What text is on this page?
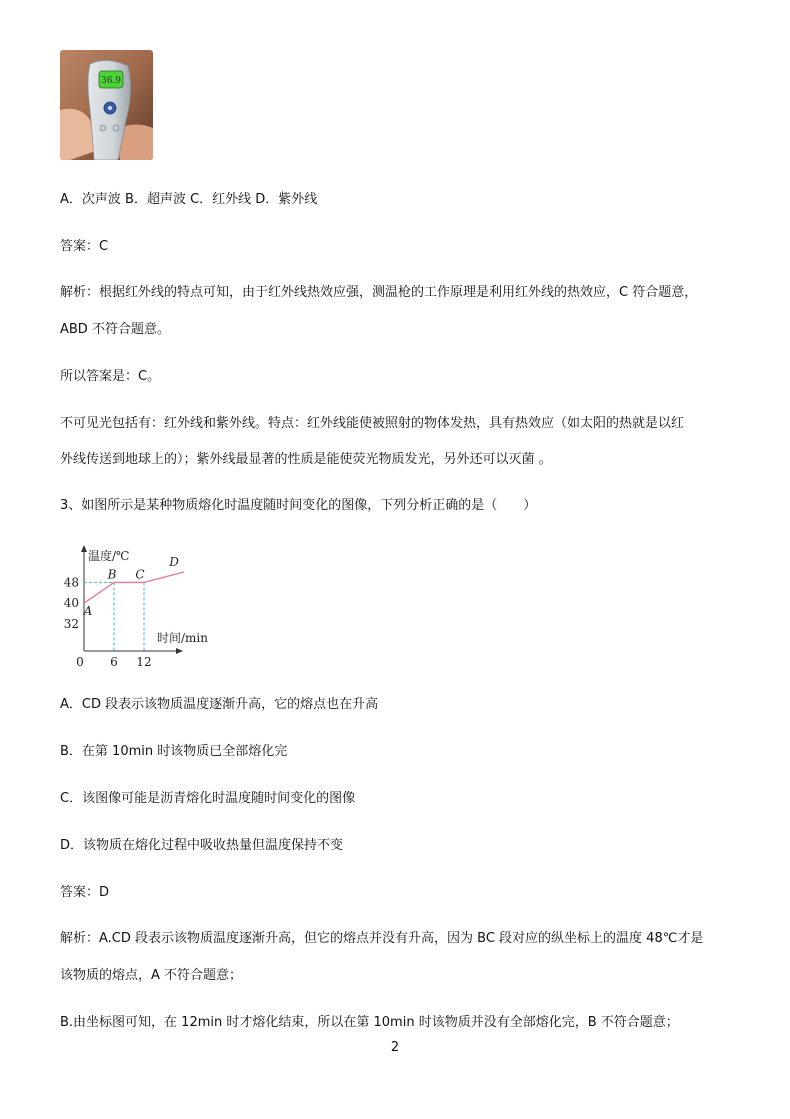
36.9
A．次声波 B．超声波 C．红外线 D．紫外线
答案：C
解析：根据红外线的特点可知，由于红外线热效应强，测温枪的工作原理是利用红外线的热效应，C 符合题意，
ABD 不符合题意。
所以答案是：C。
不可见光包括有：红外线和紫外线。特点：红外线能使被照射的物体发热，具有热效应（如太阳的热就是以红
外线传送到地球上的）；紫外线最显著的性质是能使荧光物质发光，另外还可以灭菌 。
3、如图所示是某种物质熔化时温度随时间变化的图像，下列分析正确的是（　　）
温度/℃
时间/min
32
40
48
0 6 12
A
B C
D
A．CD 段表示该物质温度逐渐升高，它的熔点也在升高
B．在第 10min 时该物质已全部熔化完
C．该图像可能是沥青熔化时温度随时间变化的图像
D．该物质在熔化过程中吸收热量但温度保持不变
答案：D
解析：A.CD 段表示该物质温度逐渐升高，但它的熔点并没有升高，因为 BC 段对应的纵坐标上的温度 48℃才是
该物质的熔点，A 不符合题意；
B.由坐标图可知，在 12min 时才熔化结束，所以在第 10min 时该物质并没有全部熔化完，B 不符合题意；
2
